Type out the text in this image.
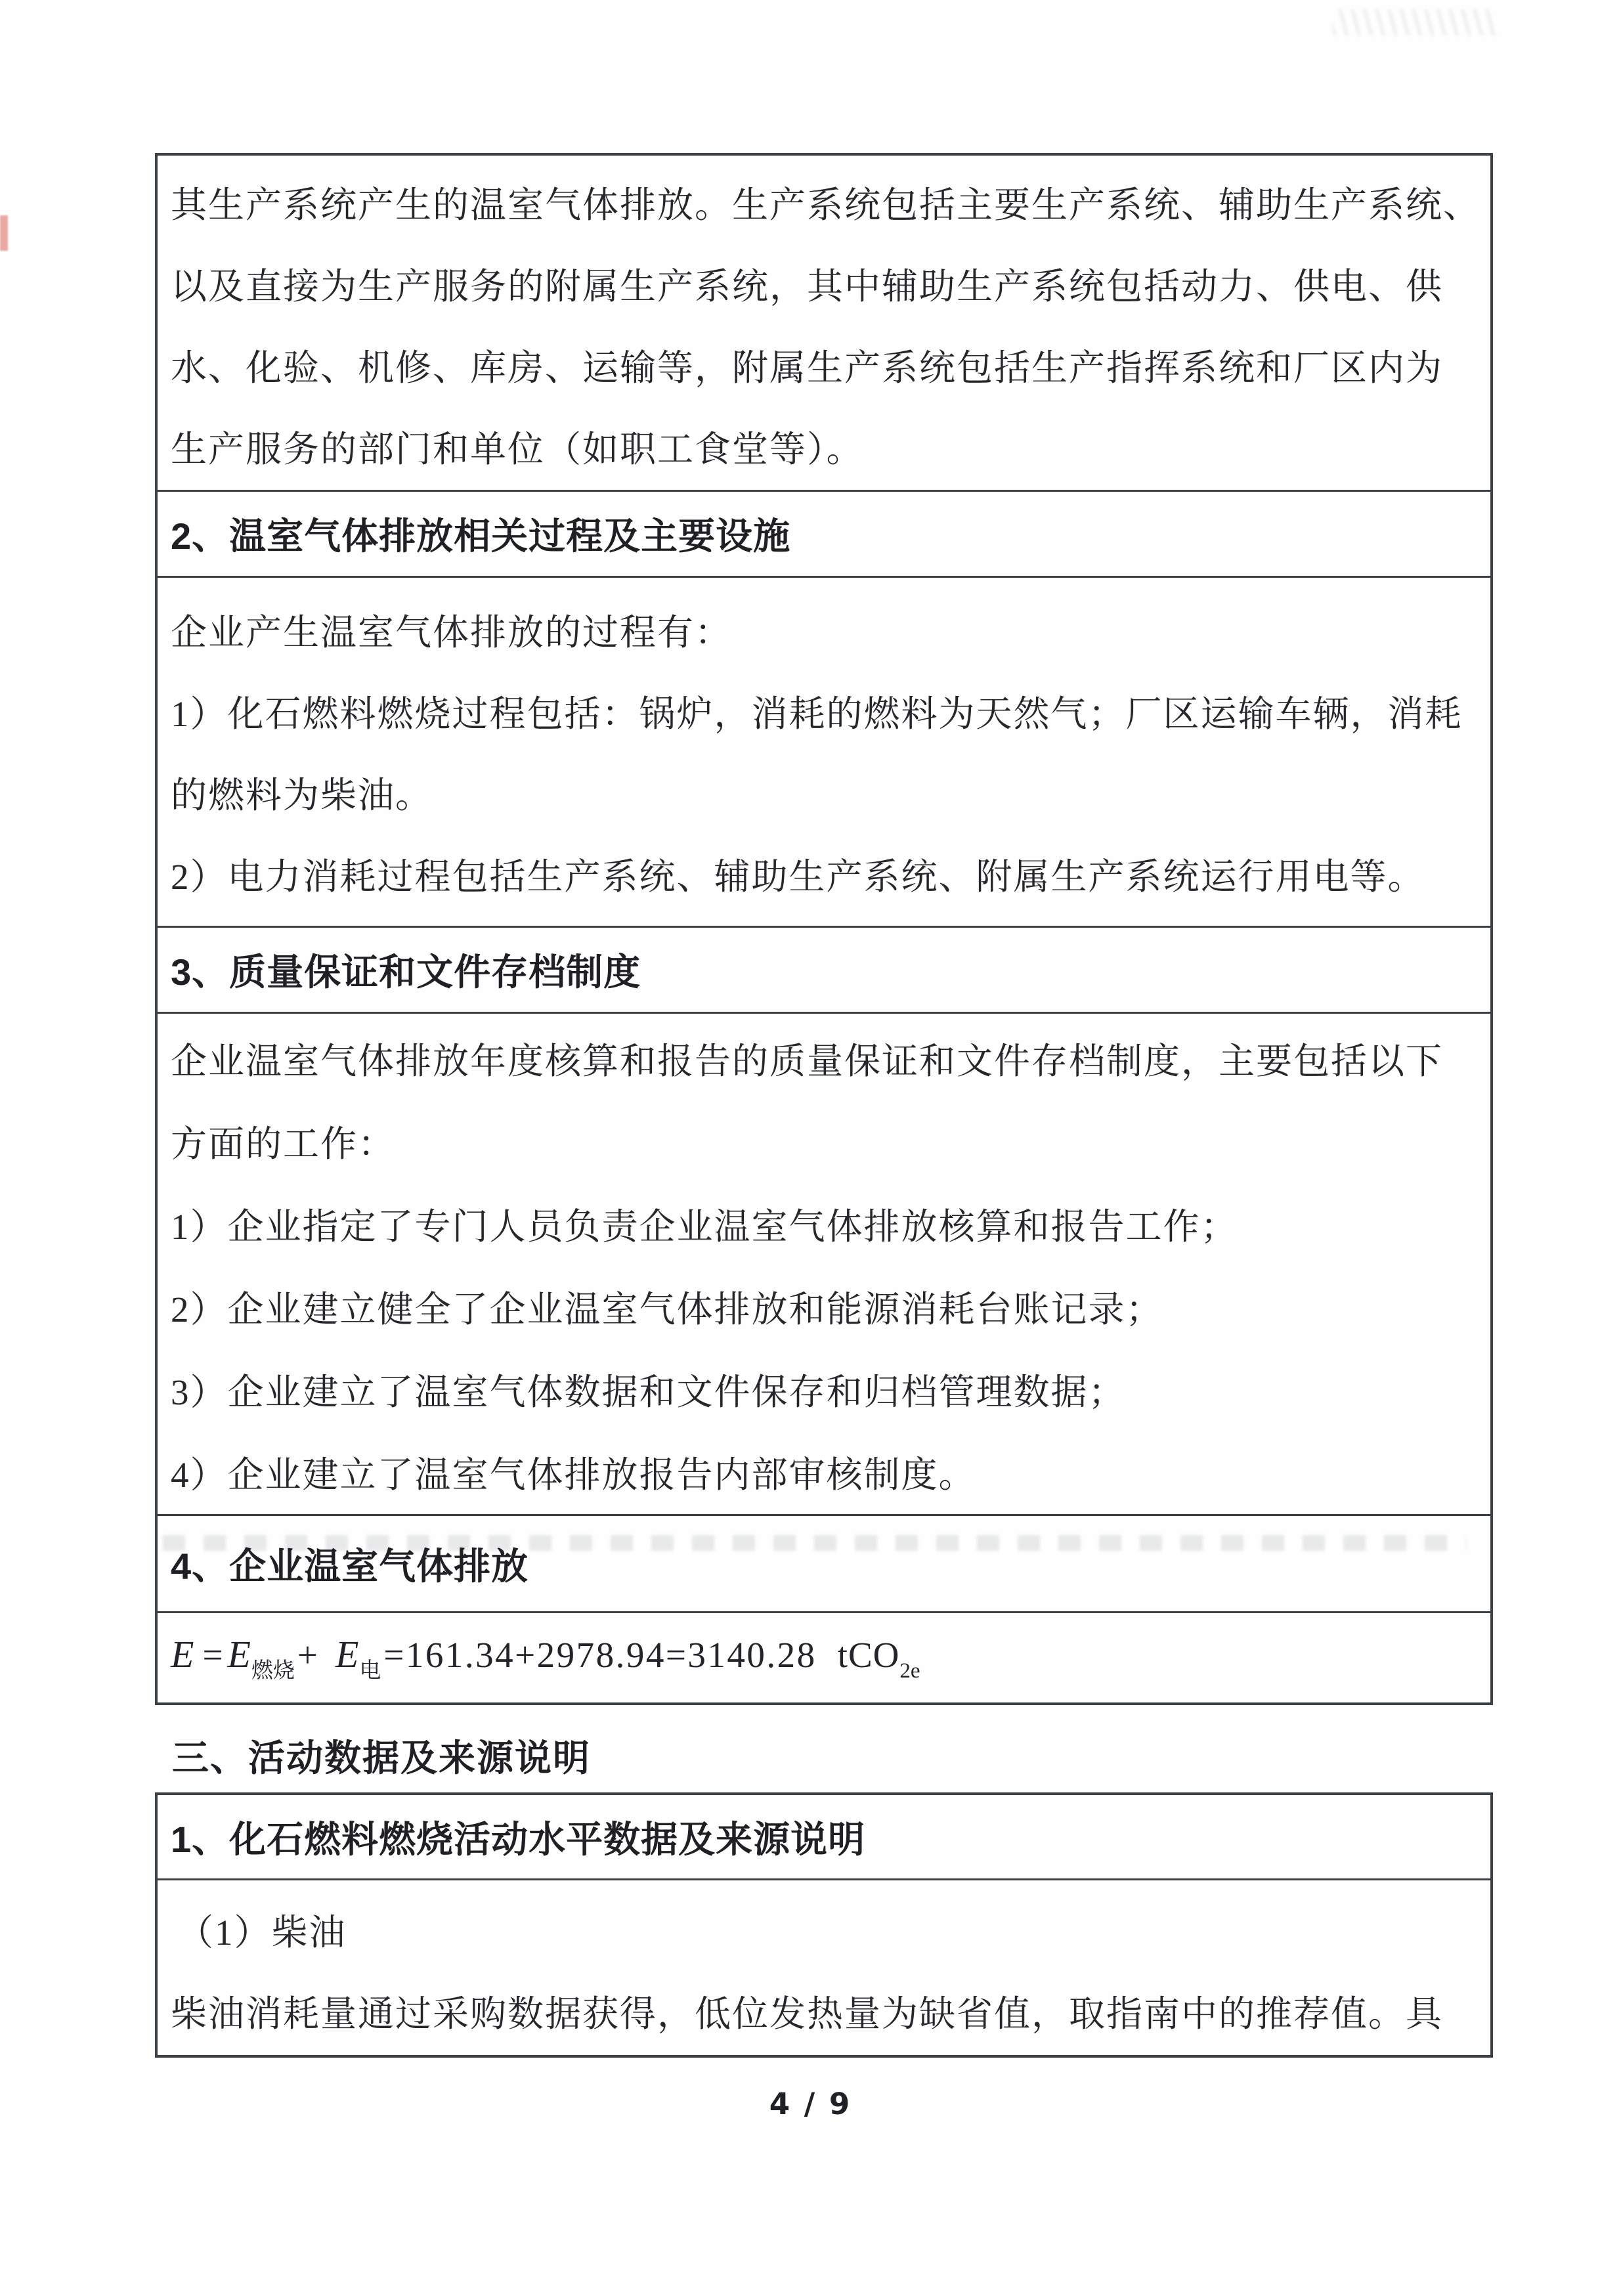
其生产系统产生的温室气体排放。生产系统包括主要生产系统、辅助生产系统、

以及直接为生产服务的附属生产系统，其中辅助生产系统包括动力、供电、供

水、化验、机修、库房、运输等，附属生产系统包括生产指挥系统和厂区内为

生产服务的部门和单位（如职工食堂等）。

2、温室气体排放相关过程及主要设施

企业产生温室气体排放的过程有：

1）化石燃料燃烧过程包括：锅炉，消耗的燃料为天然气；厂区运输车辆，消耗

的燃料为柴油。

2）电力消耗过程包括生产系统、辅助生产系统、附属生产系统运行用电等。

3、质量保证和文件存档制度

企业温室气体排放年度核算和报告的质量保证和文件存档制度，主要包括以下

方面的工作：

1）企业指定了专门人员负责企业温室气体排放核算和报告工作；

2）企业建立健全了企业温室气体排放和能源消耗台账记录；

3）企业建立了温室气体数据和文件保存和归档管理数据；

4）企业建立了温室气体排放报告内部审核制度。

4、企业温室气体排放
$E = E_{燃烧}+ E_电=161.34+2978.94=3140.28$ tCO$_{2e}$
三、活动数据及来源说明
1、化石燃料燃烧活动水平数据及来源说明

（1）柴油

柴油消耗量通过采购数据获得，低位发热量为缺省值，取指南中的推荐值。具

4 / 9
